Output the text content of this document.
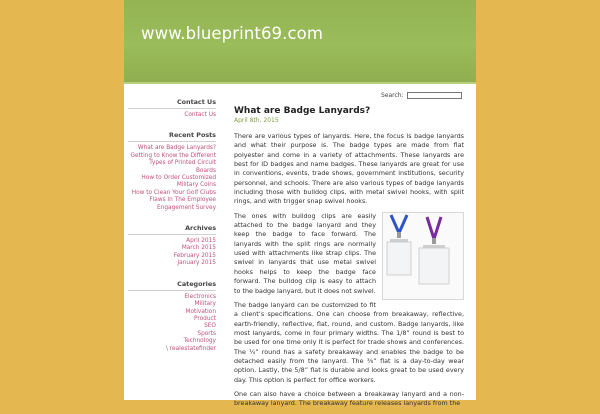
www.blueprint69.com
Search:
Contact Us
Contact Us
Recent Posts
What are Badge Lanyards?
Getting to Know the Different Types of Printed Circuit Boards
How to Order Customized Military Coins
How to Clean Your Golf Clubs
Flaws In The Employee Engagement Survey
Archives
April 2015
March 2015
February 2015
January 2015
Categories
Electronics
Military
Motivation
Product
SEO
Sports
Technology
\ realestatefinder
What are Badge Lanyards?
April 8th, 2015

There are various types of lanyards. Here, the focus is badge lanyards and what their purpose is. The badge types are made from flat polyester and come in a variety of attachments. These lanyards are best for ID badges and name badges. These lanyards are great for use in conventions, events, trade shows, government institutions, security personnel, and schools. There are also various types of badge lanyards including those with bulldog clips, with metal swivel hooks, with split rings, and with trigger snap swivel hooks.

The ones with bulldog clips are easily attached to the badge lanyard and they keep the badge to face forward. The lanyards with the split rings are normally used with attachments like strap clips. The swivel in lanyards that use metal swivel hooks helps to keep the badge face forward. The bulldog clip is easy to attach to the badge lanyard, but it does not swivel.

The badge lanyard can be customized to fit a client’s specifications. One can choose from breakaway, reflective, earth-friendly, reflective, flat, round, and custom. Badge lanyards, like most lanyards, come in four primary widths. The 1/8” round is best to be used for one time only It is perfect for trade shows and conferences. The ¼” round has a safety breakaway and enables the badge to be detached easily from the lanyard. The ⅜” flat is a day-to-day wear option. Lastly, the 5/8” flat is durable and looks great to be used every day. This option is perfect for office workers.

One can also have a choice between a breakaway lanyard and a non-breakaway lanyard. The breakaway feature releases lanyards from the
